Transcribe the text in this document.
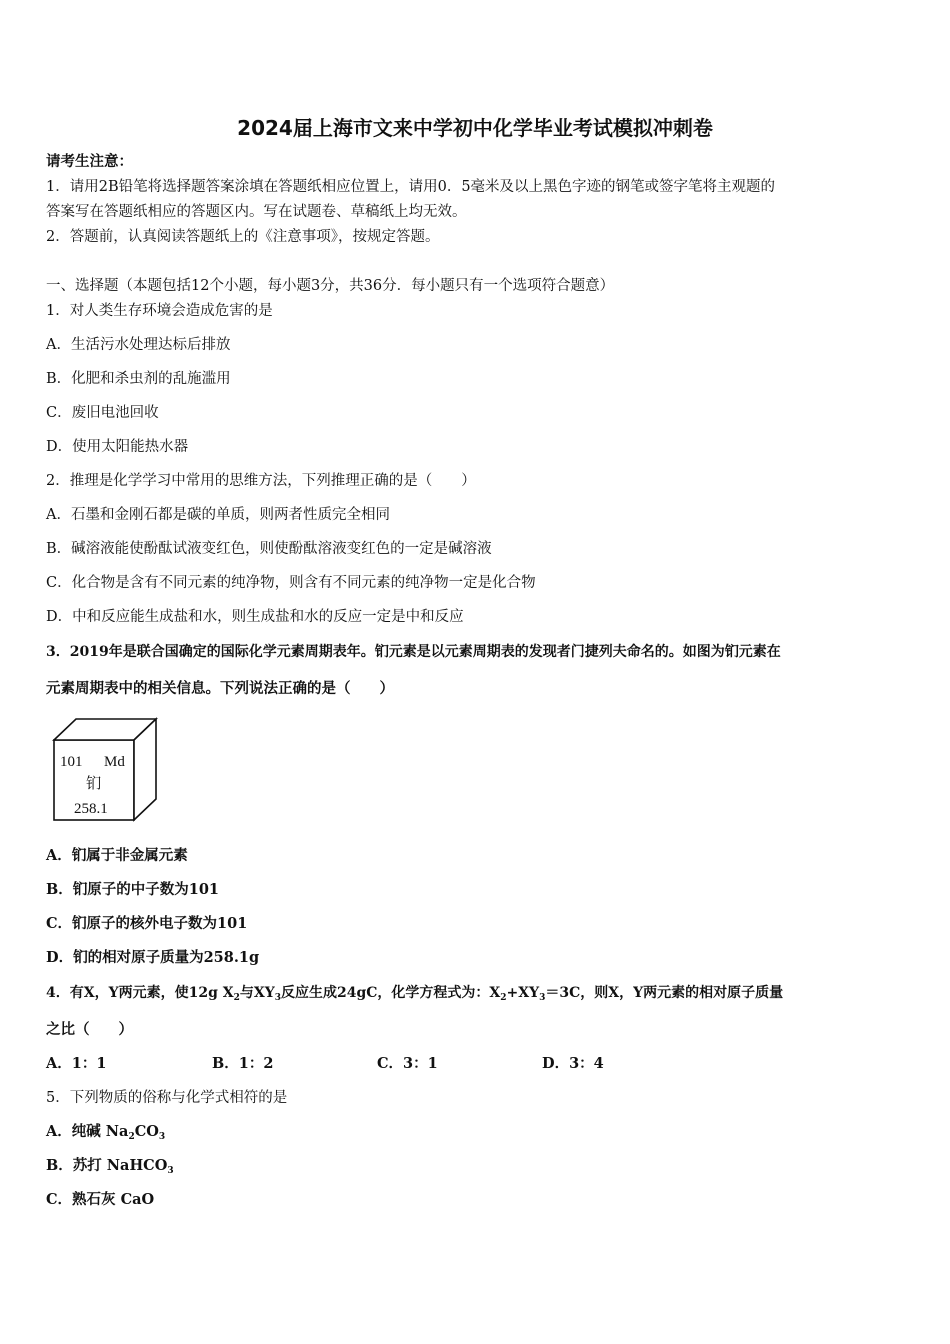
2024届上海市文来中学初中化学毕业考试模拟冲刺卷
请考生注意：
1．请用2B铅笔将选择题答案涂填在答题纸相应位置上，请用0．5毫米及以上黑色字迹的钢笔或签字笔将主观题的
答案写在答题纸相应的答题区内。写在试题卷、草稿纸上均无效。
2．答题前，认真阅读答题纸上的《注意事项》，按规定答题。
一、选择题（本题包括12个小题，每小题3分，共36分．每小题只有一个选项符合题意）
1．对人类生存环境会造成危害的是
A．生活污水处理达标后排放
B．化肥和杀虫剂的乱施滥用
C．废旧电池回收
D．使用太阳能热水器
2．推理是化学学习中常用的思维方法，下列推理正确的是（　　）
A．石墨和金刚石都是碳的单质，则两者性质完全相同
B．碱溶液能使酚酞试液变红色，则使酚酞溶液变红色的一定是碱溶液
C．化合物是含有不同元素的纯净物，则含有不同元素的纯净物一定是化合物
D．中和反应能生成盐和水，则生成盐和水的反应一定是中和反应
3．2019年是联合国确定的国际化学元素周期表年。钔元素是以元素周期表的发现者门捷列夫命名的。如图为钔元素在
元素周期表中的相关信息。下列说法正确的是（　　）
101 Md
钔
258.1
A．钔属于非金属元素
B．钔原子的中子数为101
C．钔原子的核外电子数为101
D．钔的相对原子质量为258.1g
4．有X，Y两元素，使12g $X_2$与$XY_3$反应生成24gC，化学方程式为：$X_2+XY_3=3C$，则X，Y两元素的相对原子质量
之比（　　）
A．1：1	B．1：2	C．3：1	D．3：4
5．下列物质的俗称与化学式相符的是
A．纯碱 $Na_2CO_3$
B．苏打 NaHCO$_3$
C．熟石灰 CaO
